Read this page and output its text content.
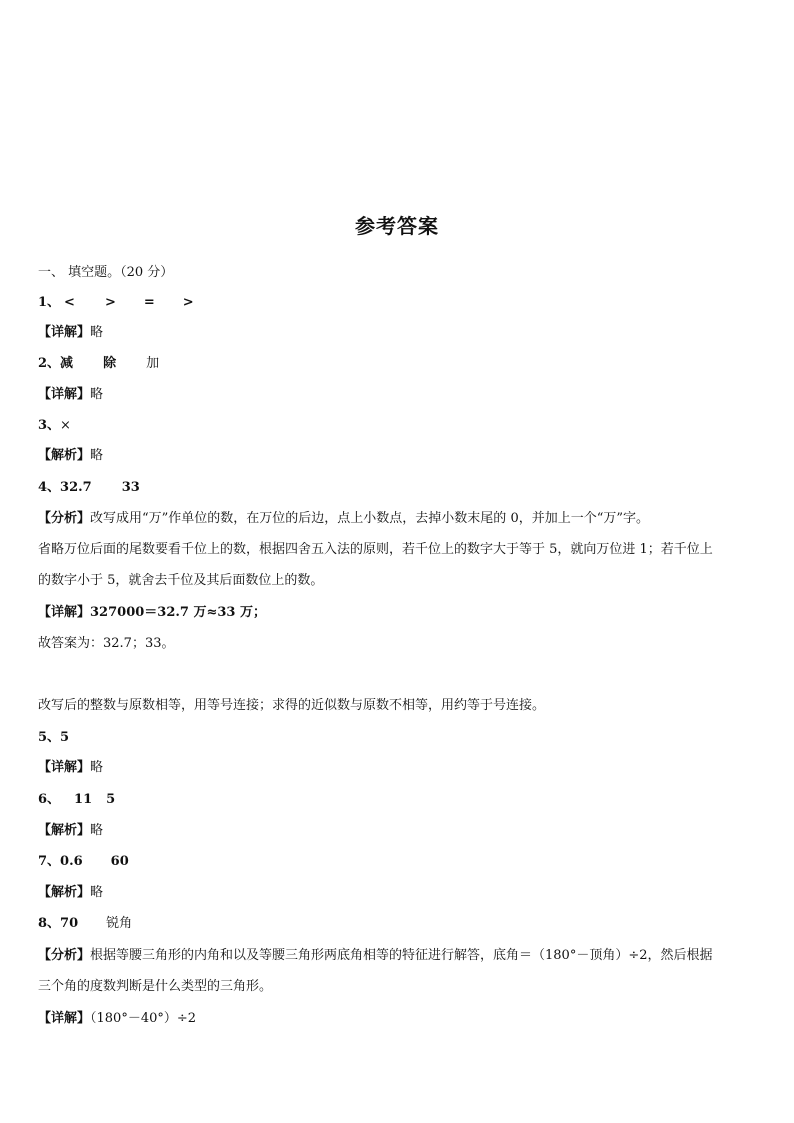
参考答案
一、 填空题。（20 分）
1、 < > = >
【详解】略
2、减 除 加
【详解】略
3、×
【解析】略
4、32.7 33
【分析】改写成用“万”作单位的数，在万位的后边，点上小数点，去掉小数末尾的 0，并加上一个“万”字。
省略万位后面的尾数要看千位上的数，根据四舍五入法的原则，若千位上的数字大于等于 5，就向万位进 1；若千位上
的数字小于 5，就舍去千位及其后面数位上的数。
【详解】327000＝32.7 万≈33 万；
故答案为：32.7；33。
改写后的整数与原数相等，用等号连接；求得的近似数与原数不相等，用约等于号连接。
5、5
【详解】略
6、 11 5
【解析】略
7、0.6 60
【解析】略
8、70 锐角
【分析】根据等腰三角形的内角和以及等腰三角形两底角相等的特征进行解答，底角＝（180°－顶角）÷2，然后根据
三个角的度数判断是什么类型的三角形。
【详解】（180°－40°）÷2
